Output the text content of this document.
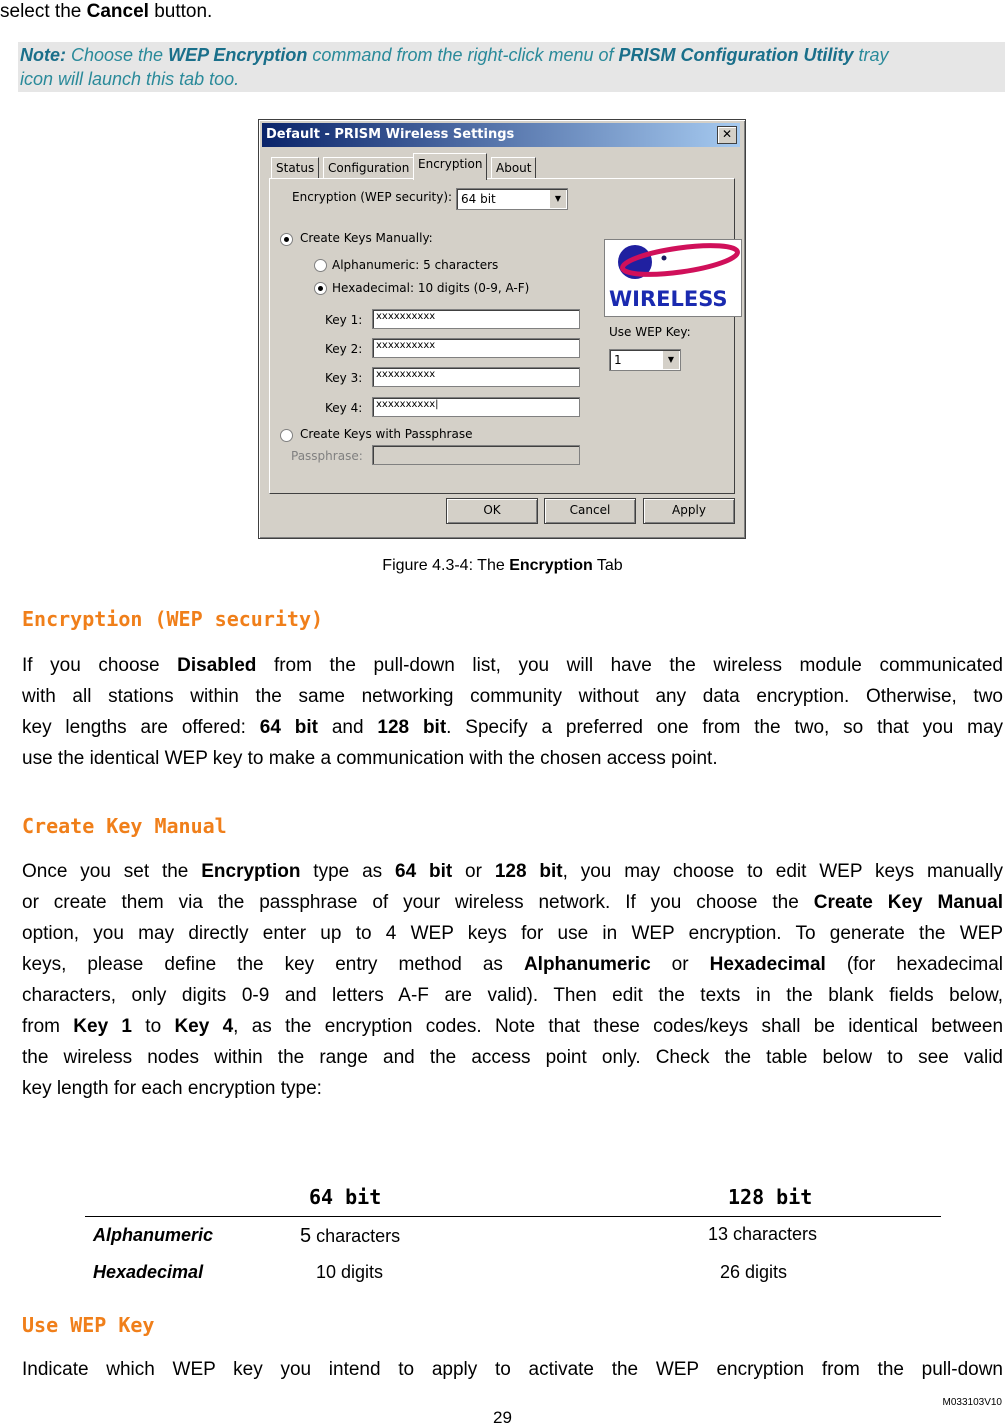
select the Cancel button.
Note: Choose the WEP Encryption command from the right-click menu of PRISM Configuration Utility tray
icon will launch this tab too.
Default - PRISM Wireless Settings	✕
Status	Configuration Encryption	About
Encryption (WEP security): 64 bit	▼
WIRELESS
Create Keys Manually:
Alphanumeric: 5 characters
Hexadecimal: 10 digits (0-9, A-F)
Key 1:	xxxxxxxxxx
Key 2:	xxxxxxxxxx
Key 3:	xxxxxxxxxx
Key 4:	xxxxxxxxxx|
Use WEP Key:
1	▼
Create Keys with Passphrase
Passphrase:
OK	Cancel	Apply
Figure 4.3-4: The Encryption Tab
Encryption (WEP security)
If you choose Disabled from the pull-down list, you will have the wireless module communicated
with all stations within the same networking community without any data encryption. Otherwise, two
key lengths are offered: 64 bit and 128 bit. Specify a preferred one from the two, so that you may
use the identical WEP key to make a communication with the chosen access point.
Create Key Manual
Once you set the Encryption type as 64 bit or 128 bit, you may choose to edit WEP keys manually
or create them via the passphrase of your wireless network. If you choose the Create Key Manual
option, you may directly enter up to 4 WEP keys for use in WEP encryption. To generate the WEP
keys, please define the key entry method as Alphanumeric or Hexadecimal (for hexadecimal
characters, only digits 0-9 and letters A-F are valid). Then edit the texts in the blank fields below,
from Key 1 to Key 4, as the encryption codes. Note that these codes/keys shall be identical between
the wireless nodes within the range and the access point only. Check the table below to see valid
key length for each encryption type:
64 bit	128 bit
Alphanumeric	5 characters	13 characters
Hexadecimal	10 digits	26 digits
Use WEP Key
Indicate which WEP key you intend to apply to activate the WEP encryption from the pull-down
29
M033103V10
